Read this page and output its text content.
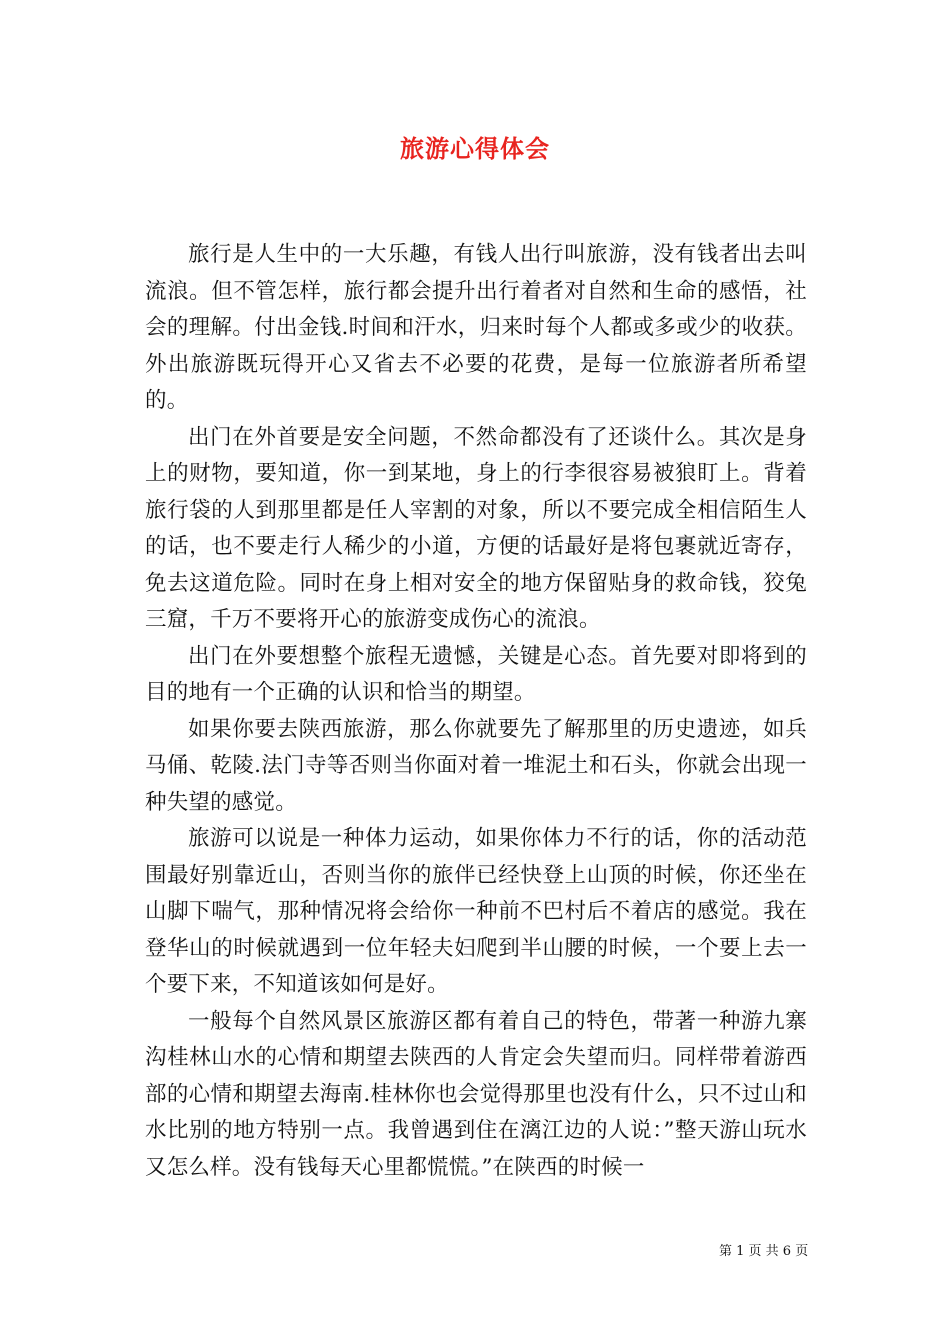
旅游心得体会

旅行是人生中的一大乐趣，有钱人出行叫旅游，没有钱者出去叫流浪。但不管怎样，旅行都会提升出行着者对自然和生命的感悟，社会的理解。付出金钱.时间和汗水，归来时每个人都或多或少的收获。外出旅游既玩得开心又省去不必要的花费，是每一位旅游者所希望的。

出门在外首要是安全问题，不然命都没有了还谈什么。其次是身上的财物，要知道，你一到某地，身上的行李很容易被狼盯上。背着旅行袋的人到那里都是任人宰割的对象，所以不要完成全相信陌生人的话，也不要走行人稀少的小道，方便的话最好是将包裹就近寄存，免去这道危险。同时在身上相对安全的地方保留贴身的救命钱，狡兔三窟，千万不要将开心的旅游变成伤心的流浪。

出门在外要想整个旅程无遗憾，关键是心态。首先要对即将到的目的地有一个正确的认识和恰当的期望。

如果你要去陕西旅游，那么你就要先了解那里的历史遗迹，如兵马俑、乾陵.法门寺等否则当你面对着一堆泥土和石头，你就会出现一种失望的感觉。

旅游可以说是一种体力运动，如果你体力不行的话，你的活动范围最好别靠近山，否则当你的旅伴已经快登上山顶的时候，你还坐在山脚下喘气，那种情况将会给你一种前不巴村后不着店的感觉。我在登华山的时候就遇到一位年轻夫妇爬到半山腰的时候，一个要上去一个要下来，不知道该如何是好。

一般每个自然风景区旅游区都有着自己的特色，带著一种游九寨沟桂林山水的心情和期望去陕西的人肯定会失望而归。同样带着游西部的心情和期望去海南.桂林你也会觉得那里也没有什么，只不过山和水比别的地方特别一点。我曾遇到住在漓江边的人说：”整天游山玩水又怎么样。没有钱每天心里都慌慌。”在陕西的时候一

第 1 页 共 6 页
